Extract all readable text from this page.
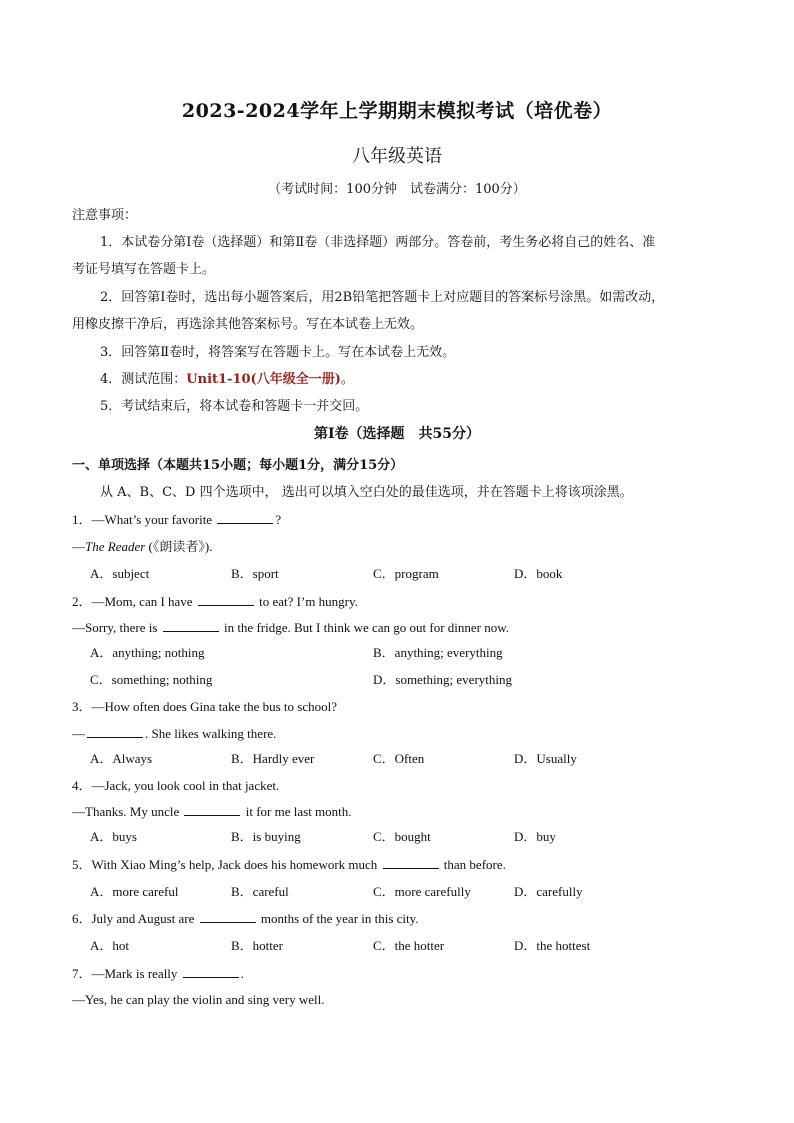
2023-2024学年上学期期末模拟考试（培优卷）
八年级英语
（考试时间：100分钟　试卷满分：100分）
注意事项：
1．本试卷分第Ⅰ卷（选择题）和第Ⅱ卷（非选择题）两部分。答卷前，考生务必将自己的姓名、准
考证号填写在答题卡上。
2．回答第Ⅰ卷时，选出每小题答案后，用2B铅笔把答题卡上对应题目的答案标号涂黑。如需改动，
用橡皮擦干净后，再选涂其他答案标号。写在本试卷上无效。
3．回答第Ⅱ卷时，将答案写在答题卡上。写在本试卷上无效。
4．测试范围：Unit1-10(八年级全一册)。
5．考试结束后，将本试卷和答题卡一并交回。
第Ⅰ卷（选择题　共55分）
一、单项选择（本题共15小题；每小题1分，满分15分）
从 A、B、C、D 四个选项中， 选出可以填入空白处的最佳选项，并在答题卡上将该项涂黑。
1．—What’s your favorite	?
—The Reader (《朗读者》).
A．subject	B．sport	C．program	D．book
2．—Mom, can I have	to eat? I’m hungry.
—Sorry, there is	in the fridge. But I think we can go out for dinner now.
A．anything; nothing	B．anything; everything
C．something; nothing	D．something; everything
3．—How often does Gina take the bus to school?
—	. She likes walking there.
A．Always	B．Hardly ever	C．Often	D．Usually
4．—Jack, you look cool in that jacket.
—Thanks. My uncle	it for me last month.
A．buys	B．is buying	C．bought	D．buy
5．With Xiao Ming’s help, Jack does his homework much	than before.
A．more careful	B．careful	C．more carefully	D．carefully
6．July and August are	months of the year in this city.
A．hot	B．hotter	C．the hotter	D．the hottest
7．—Mark is really	.
—Yes, he can play the violin and sing very well.
